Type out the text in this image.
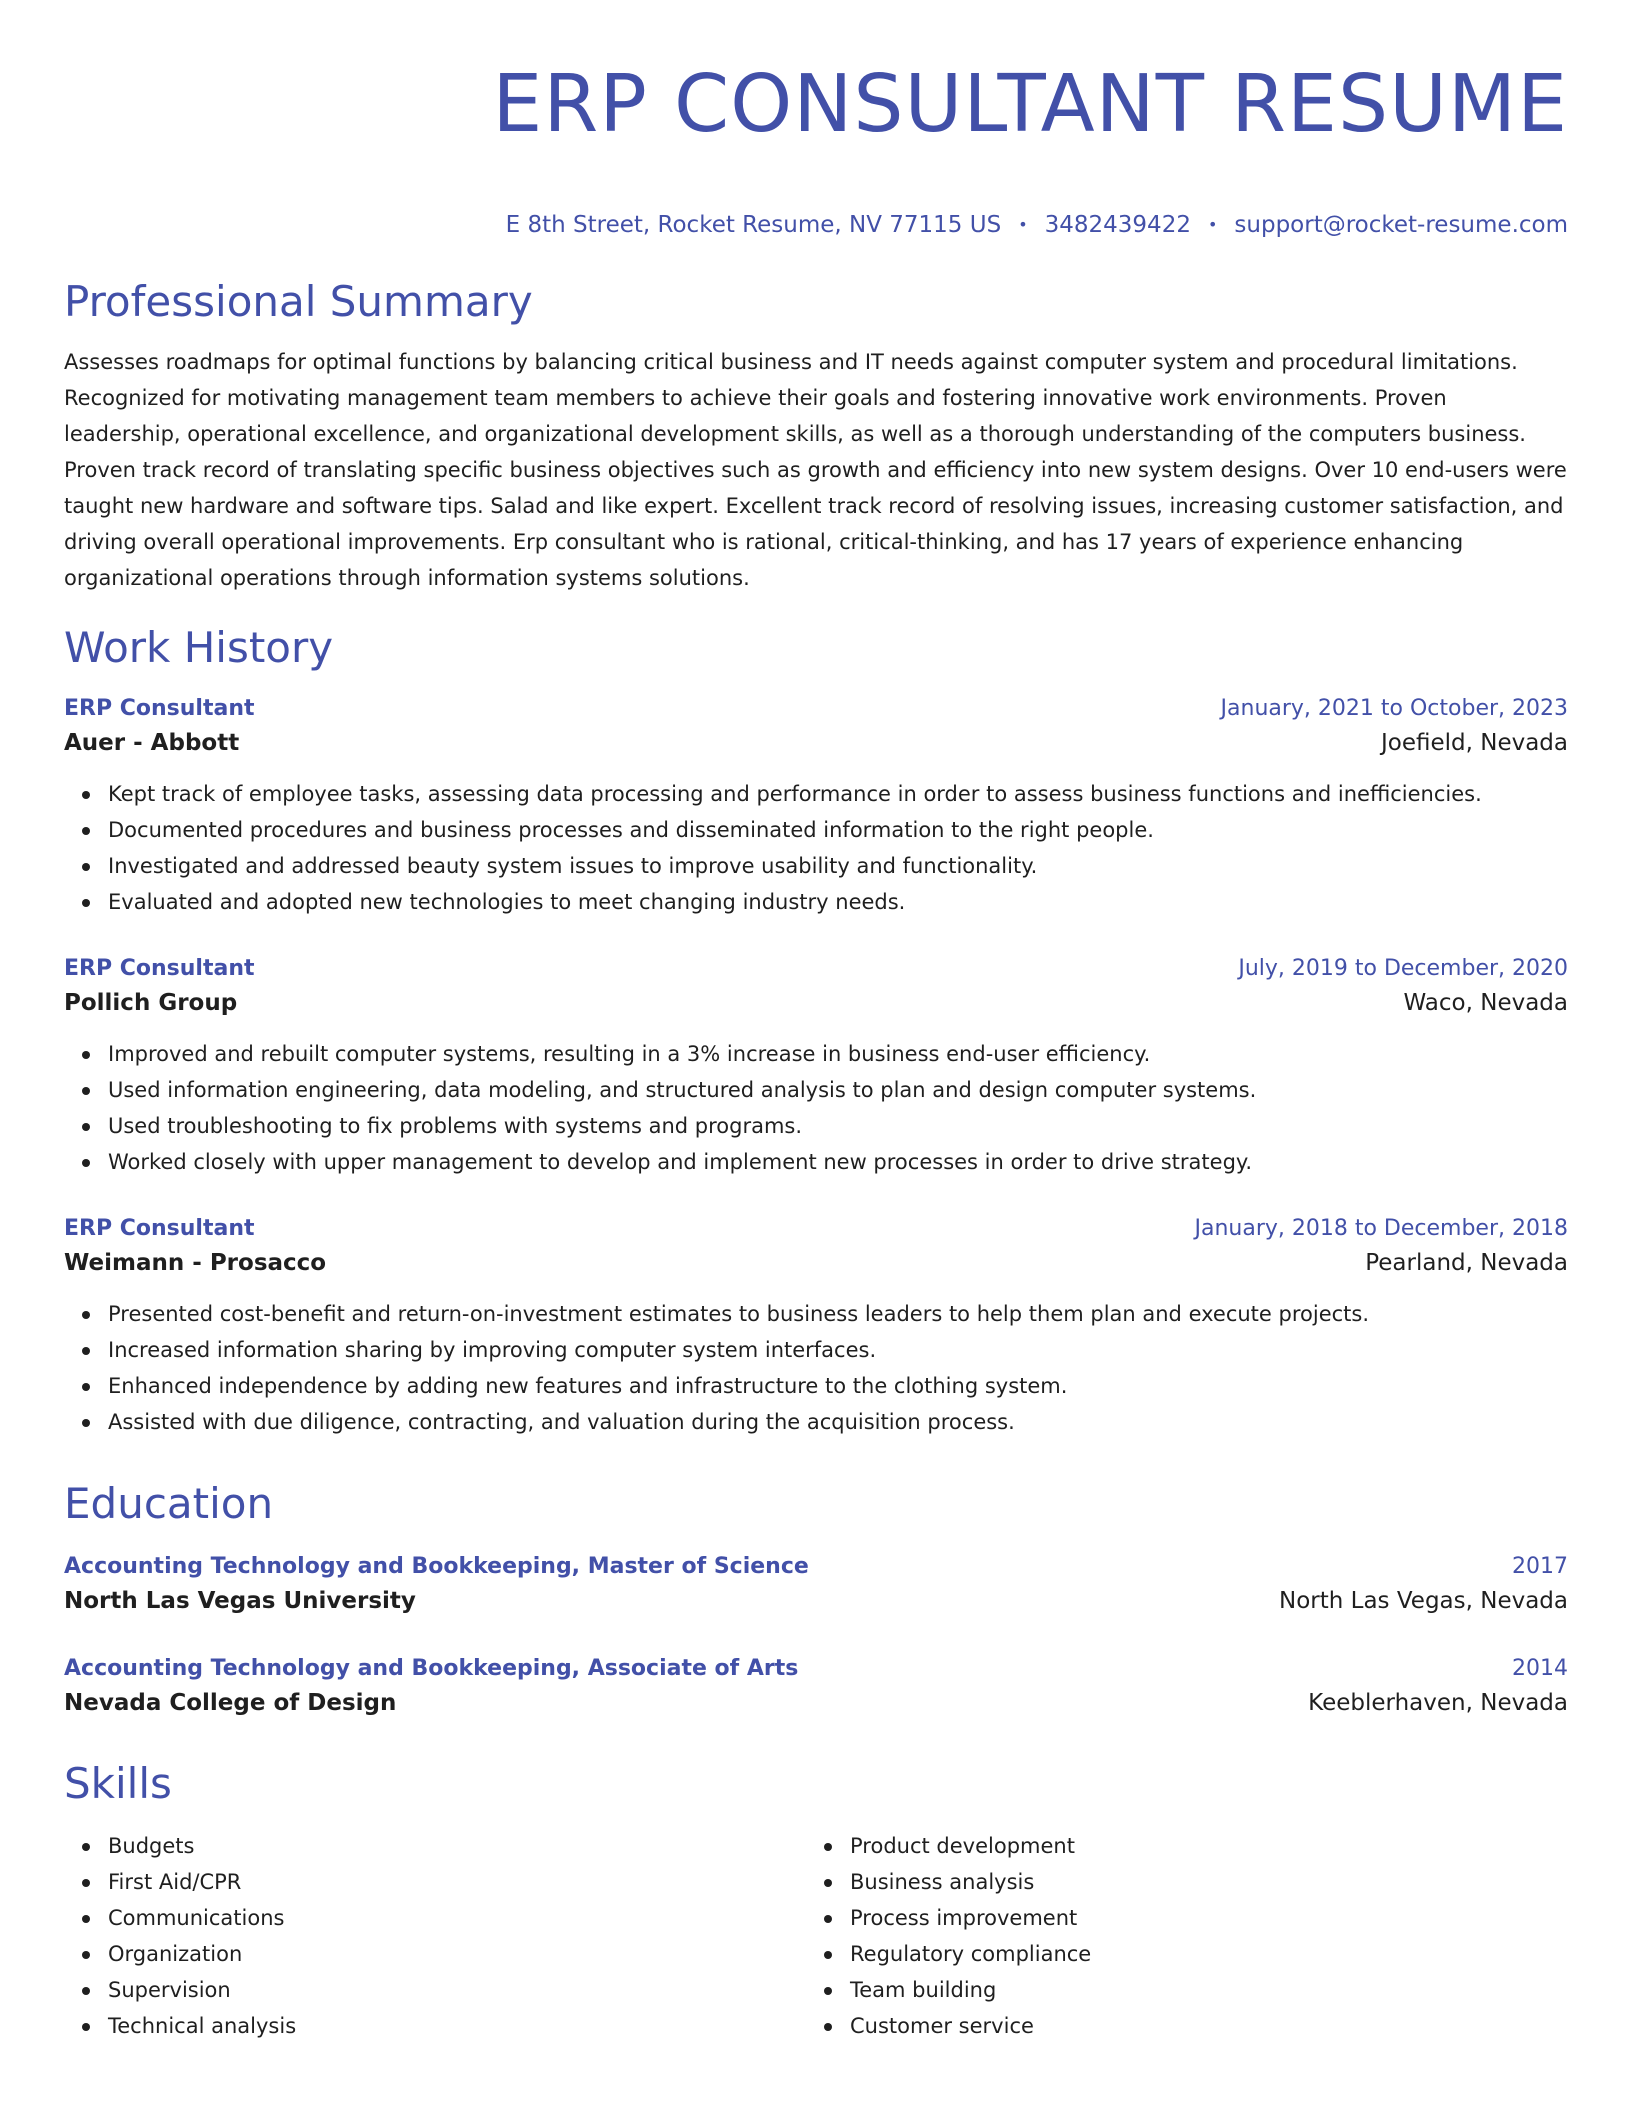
ERP CONSULTANT RESUME
E 8th Street, Rocket Resume, NV 77115 US • 3482439422 • support@rocket-resume.com
Professional Summary

Assesses roadmaps for optimal functions by balancing critical business and IT needs against computer system and procedural limitations. Recognized for motivating management team members to achieve their goals and fostering innovative work environments. Proven leadership, operational excellence, and organizational development skills, as well as a thorough understanding of the computers business. Proven track record of translating specific business objectives such as growth and efficiency into new system designs. Over 10 end-users were taught new hardware and software tips. Salad and like expert. Excellent track record of resolving issues, increasing customer satisfaction, and driving overall operational improvements. Erp consultant who is rational, critical-thinking, and has 17 years of experience enhancing organizational operations through information systems solutions.

Work History
ERP Consultant	January, 2021 to October, 2023
Auer - Abbott	Joefield, Nevada
Kept track of employee tasks, assessing data processing and performance in order to assess business functions and inefficiencies.
Documented procedures and business processes and disseminated information to the right people.
Investigated and addressed beauty system issues to improve usability and functionality.
Evaluated and adopted new technologies to meet changing industry needs.
ERP Consultant	July, 2019 to December, 2020
Pollich Group	Waco, Nevada
Improved and rebuilt computer systems, resulting in a 3% increase in business end-user efficiency.
Used information engineering, data modeling, and structured analysis to plan and design computer systems.
Used troubleshooting to fix problems with systems and programs.
Worked closely with upper management to develop and implement new processes in order to drive strategy.
ERP Consultant	January, 2018 to December, 2018
Weimann - Prosacco	Pearland, Nevada
Presented cost-benefit and return-on-investment estimates to business leaders to help them plan and execute projects.
Increased information sharing by improving computer system interfaces.
Enhanced independence by adding new features and infrastructure to the clothing system.
Assisted with due diligence, contracting, and valuation during the acquisition process.
Education
Accounting Technology and Bookkeeping, Master of Science	2017
North Las Vegas University	North Las Vegas, Nevada
Accounting Technology and Bookkeeping, Associate of Arts	2014
Nevada College of Design	Keeblerhaven, Nevada
Skills
Budgets
First Aid/CPR
Communications
Organization
Supervision
Technical analysis
Product development
Business analysis
Process improvement
Regulatory compliance
Team building
Customer service
